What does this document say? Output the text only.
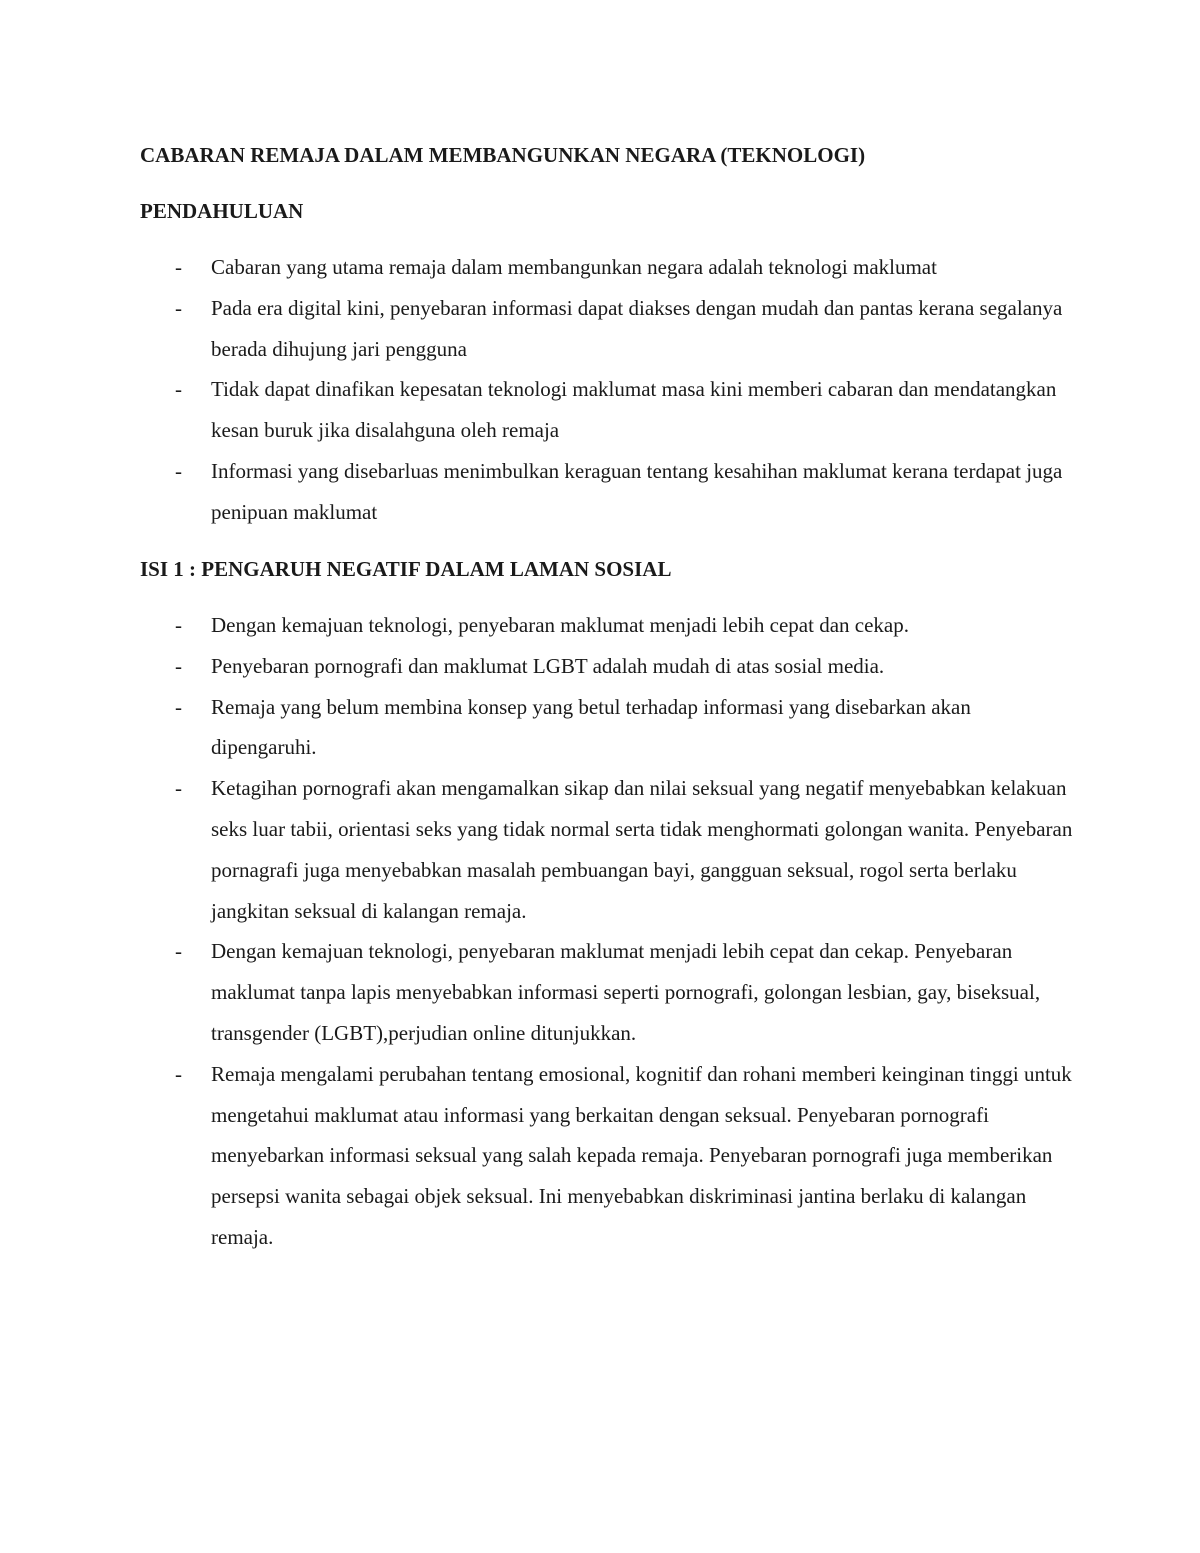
CABARAN REMAJA DALAM MEMBANGUNKAN NEGARA (TEKNOLOGI)
PENDAHULUAN
- Cabaran yang utama remaja dalam membangunkan negara adalah teknologi maklumat
- Pada era digital kini, penyebaran informasi dapat diakses dengan mudah dan pantas kerana segalanya berada dihujung jari pengguna
- Tidak dapat dinafikan kepesatan teknologi maklumat masa kini memberi cabaran dan mendatangkan kesan buruk jika disalahguna oleh remaja
- Informasi yang disebarluas menimbulkan keraguan tentang kesahihan maklumat kerana terdapat juga penipuan maklumat
ISI 1 : PENGARUH NEGATIF DALAM LAMAN SOSIAL
- Dengan kemajuan teknologi, penyebaran maklumat menjadi lebih cepat dan cekap.
- Penyebaran pornografi dan maklumat LGBT adalah mudah di atas sosial media.
- Remaja yang belum membina konsep yang betul terhadap informasi yang disebarkan akan dipengaruhi.
- Ketagihan pornografi akan mengamalkan sikap dan nilai seksual yang negatif menyebabkan kelakuan seks luar tabii, orientasi seks yang tidak normal serta tidak menghormati golongan wanita. Penyebaran pornagrafi juga menyebabkan masalah pembuangan bayi, gangguan seksual, rogol serta berlaku jangkitan seksual di kalangan remaja.
- Dengan kemajuan teknologi, penyebaran maklumat menjadi lebih cepat dan cekap. Penyebaran maklumat tanpa lapis menyebabkan informasi seperti pornografi, golongan lesbian, gay, biseksual, transgender (LGBT),perjudian online ditunjukkan.
- Remaja mengalami perubahan tentang emosional, kognitif dan rohani memberi keinginan tinggi untuk mengetahui maklumat atau informasi yang berkaitan dengan seksual. Penyebaran pornografi menyebarkan informasi seksual yang salah kepada remaja. Penyebaran pornografi juga memberikan persepsi wanita sebagai objek seksual. Ini menyebabkan diskriminasi jantina berlaku di kalangan remaja.
